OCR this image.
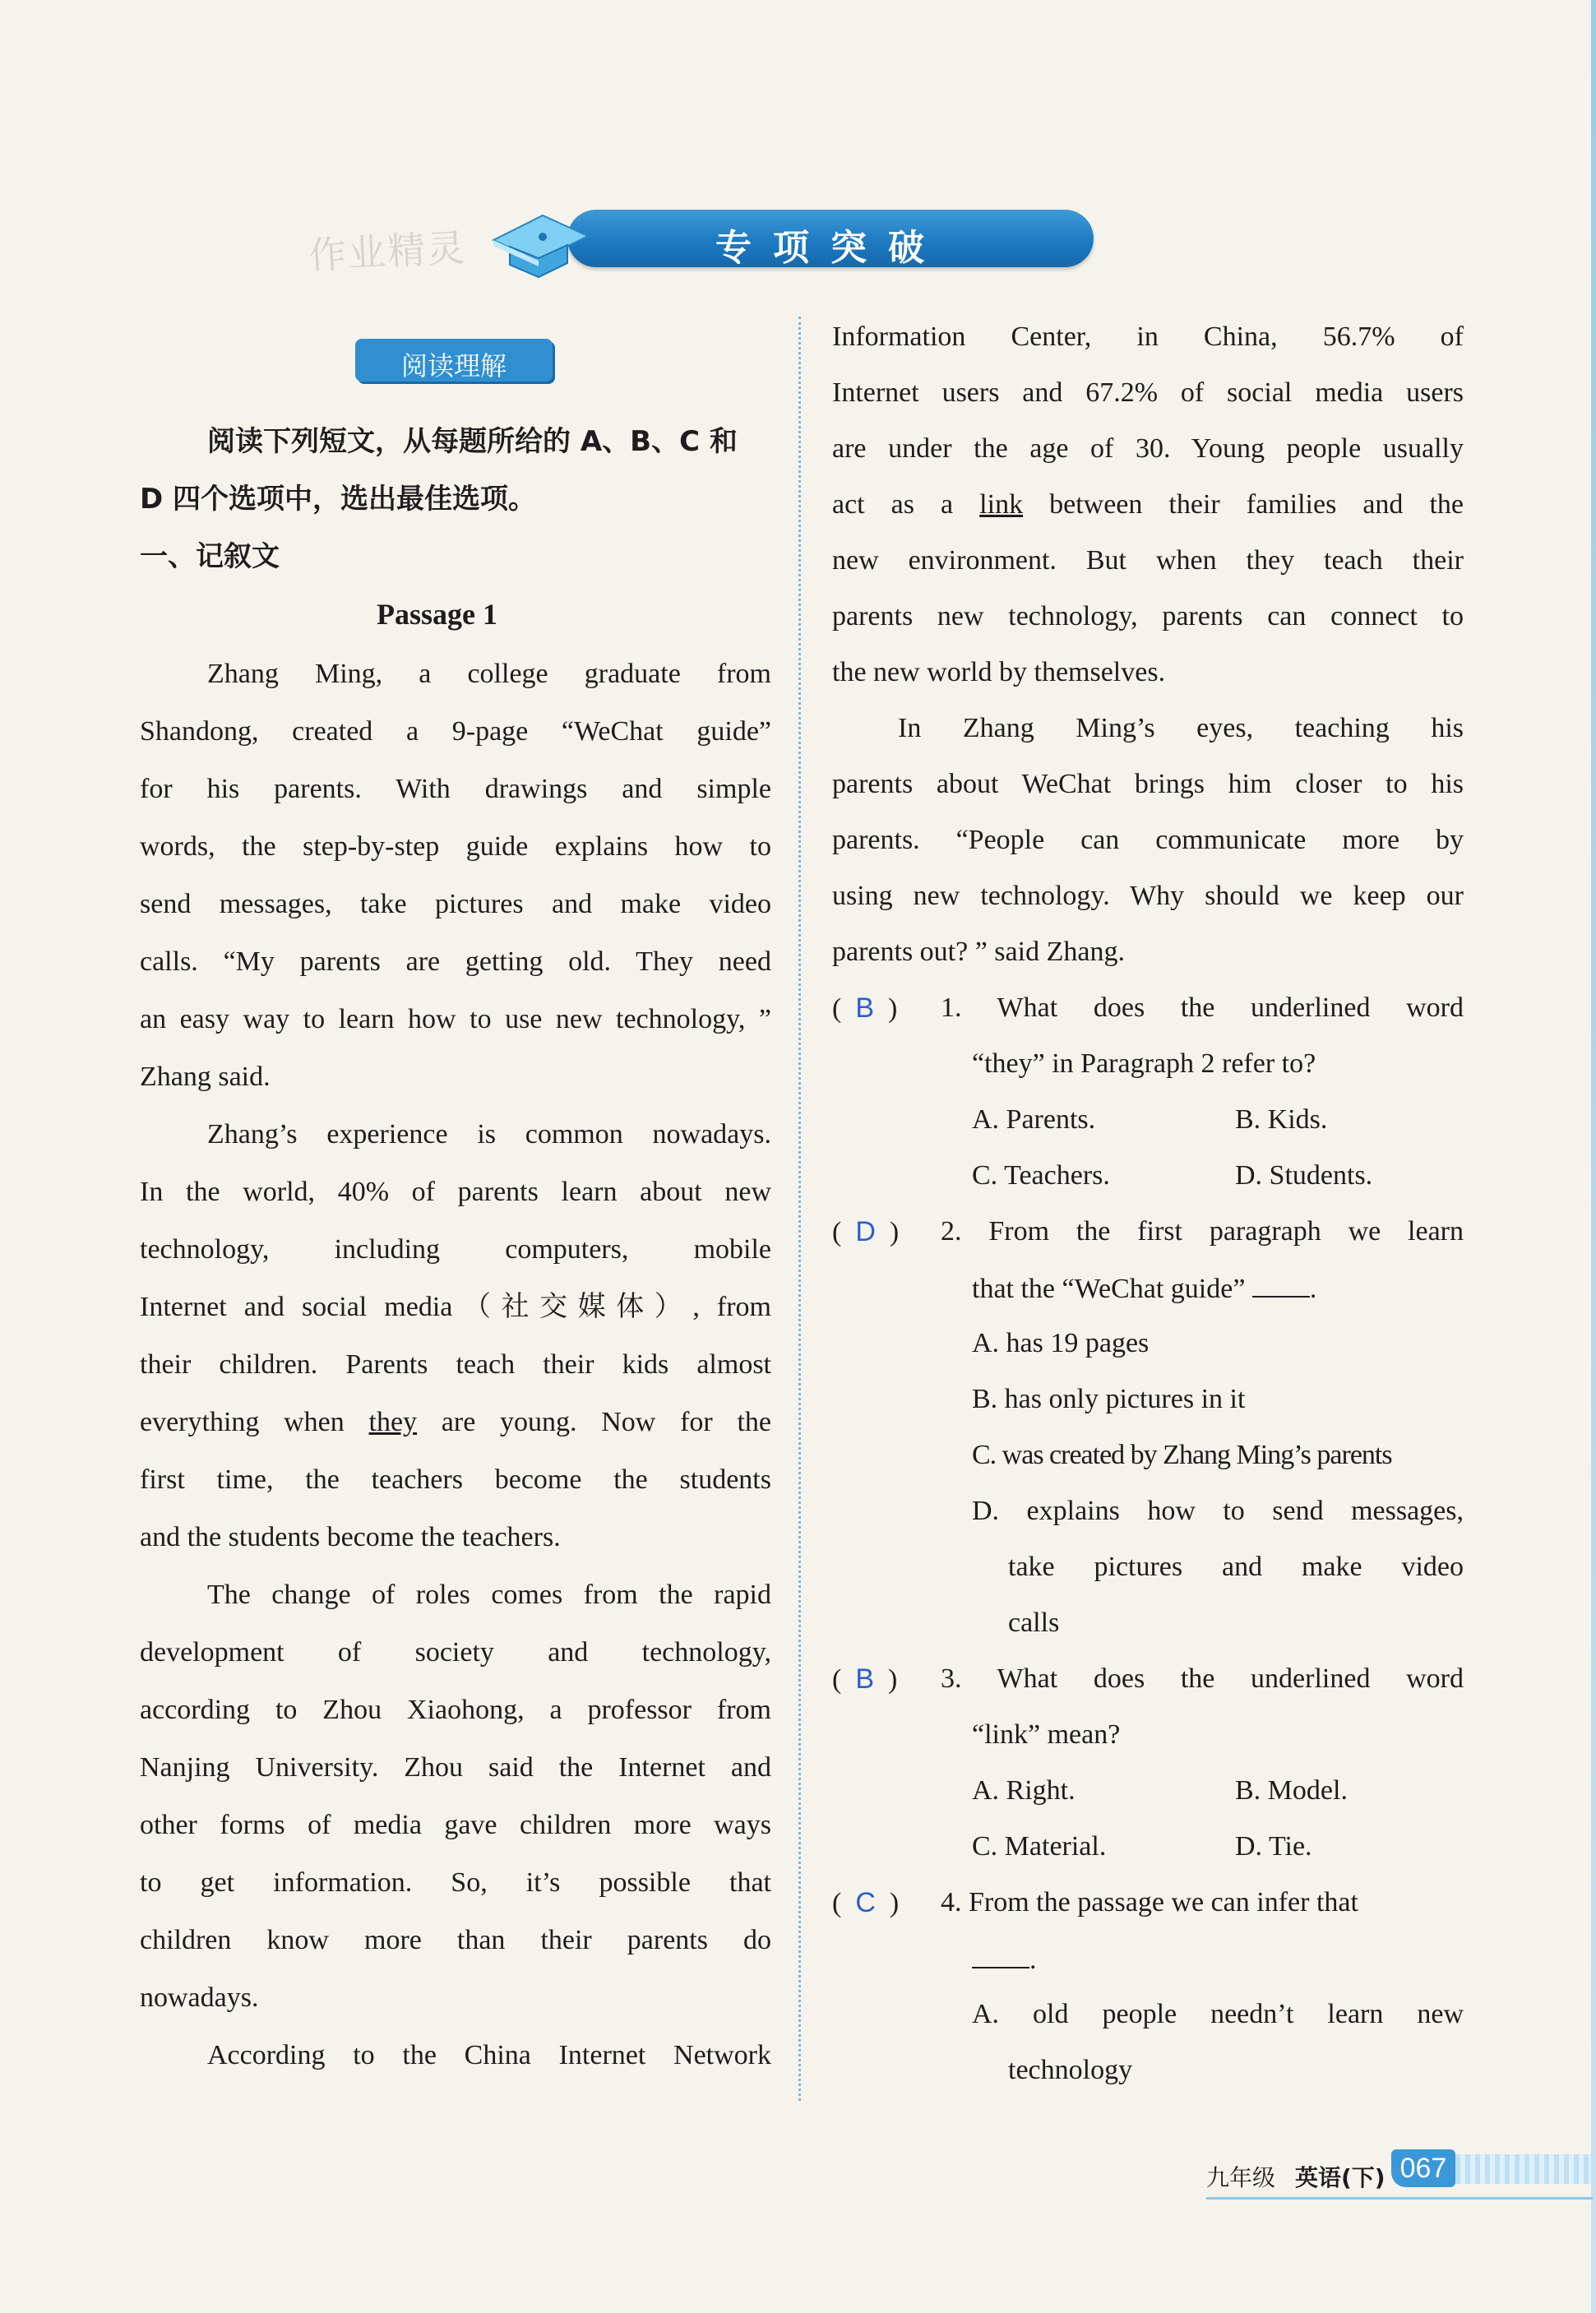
作业精灵	专项突破
阅读理解
阅读下列短文，从每题所给的 A、B、C 和
D 四个选项中，选出最佳选项。
一、记叙文
Passage 1
Zhang Ming, a college graduate from
Shandong, created a 9-page “WeChat guide”
for his parents. With drawings and simple
words, the step-by-step guide explains how to
send messages, take pictures and make video
calls. “My parents are getting old. They need
an easy way to learn how to use new technology, ”
Zhang said.
Zhang’s experience is common nowadays.
In the world, 40% of parents learn about new
technology, including computers, mobile
Internet and social media（社交媒体）, from
their children. Parents teach their kids almost
everything when they are young. Now for the
first time, the teachers become the students
and the students become the teachers.
The change of roles comes from the rapid
development of society and technology,
according to Zhou Xiaohong, a professor from
Nanjing University. Zhou said the Internet and
other forms of media gave children more ways
to get information. So, it’s possible that
children know more than their parents do
nowadays.
According to the China Internet Network
Information Center, in China, 56.7% of
Internet users and 67.2% of social media users
are under the age of 30. Young people usually
act as a link between their families and the
new environment. But when they teach their
parents new technology, parents can connect to
the new world by themselves.
In Zhang Ming’s eyes, teaching his
parents about WeChat brings him closer to his
parents. “People can communicate more by
using new technology. Why should we keep our
parents out? ” said Zhang.
(  B  ) 1. What does the underlined word
“they” in Paragraph 2 refer to?
A. Parents.	B. Kids.
C. Teachers.	D. Students.
(  D  ) 2. From the first paragraph we learn
that the “WeChat guide” .
A. has 19 pages
B. has only pictures in it
C. was created by Zhang Ming’s parents
D. explains how to send messages,
take pictures and make video
calls
(  B  ) 3. What does the underlined word
“link” mean?
A. Right.	B. Model.
C. Material.	D. Tie.
(  C  ) 4. From the passage we can infer that
.
A. old people needn’t learn new
technology
九年级 英语(下) 067
